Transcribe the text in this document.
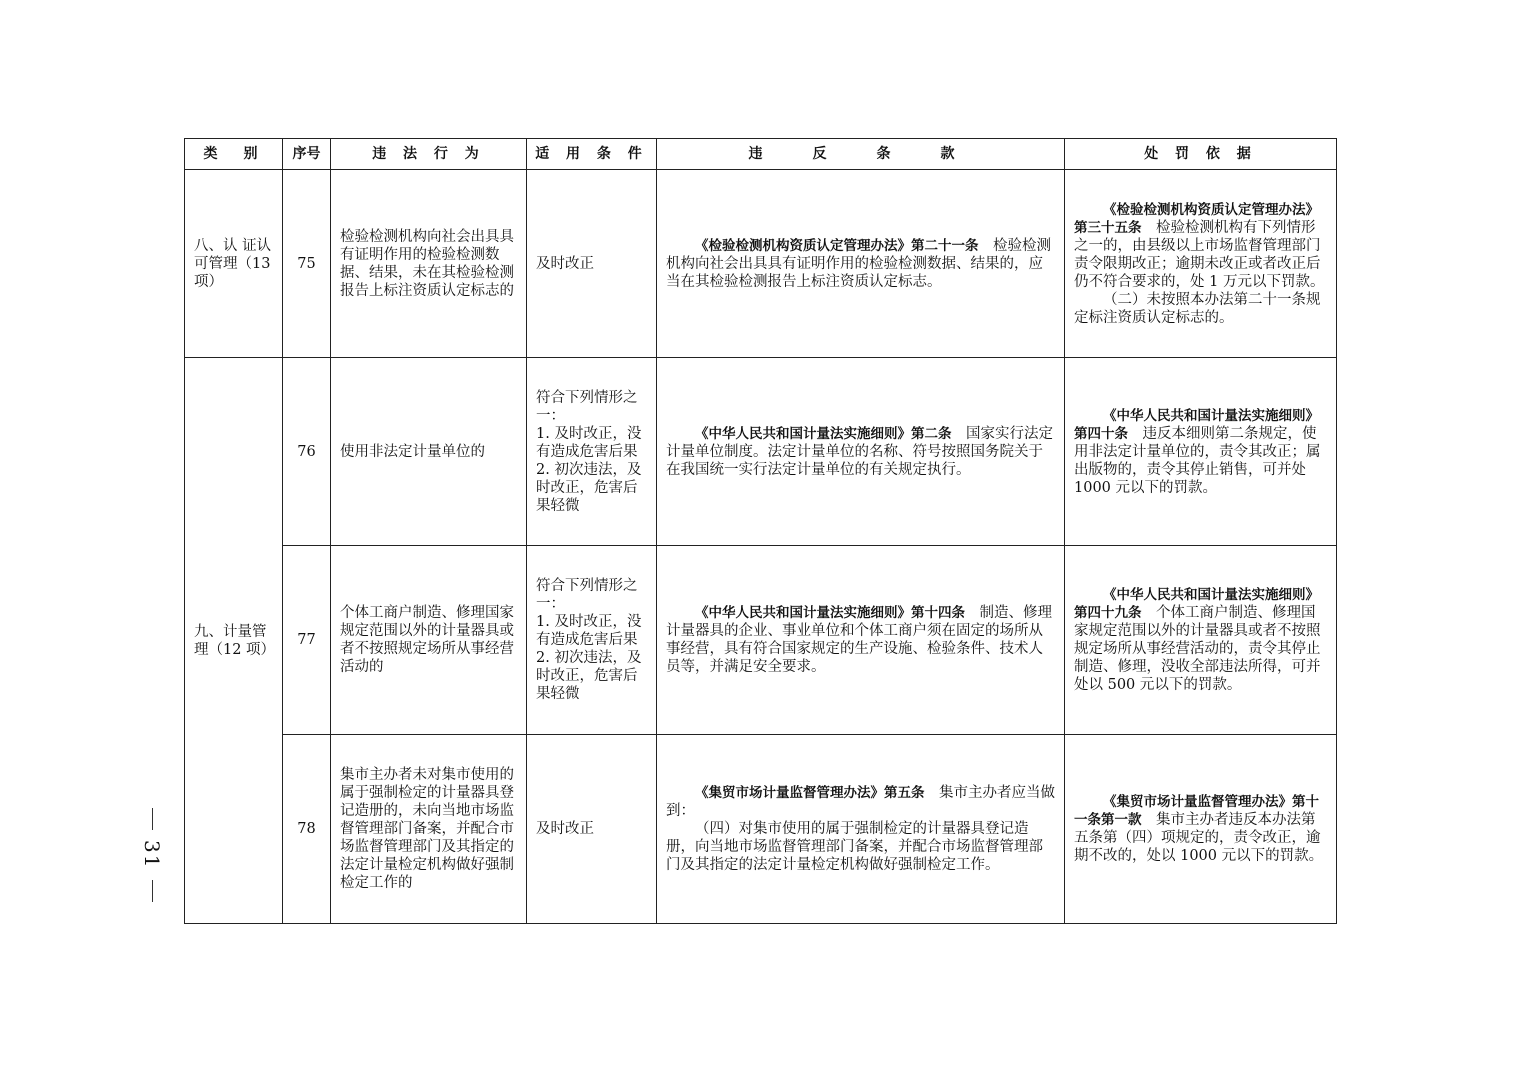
类　别	序号	违 法 行 为	适 用 条 件	违　反　条　款	处 罚 依 据
八、认 证认可管理（13 项）	75	检验检测机构向社会出具具有证明作用的检验检测数据、结果，未在其检验检测报告上标注资质认定标志的	及时改正	《检验检测机构资质认定管理办法》第二十一条　检验检测机构向社会出具具有证明作用的检验检测数据、结果的，应当在其检验检测报告上标注资质认定标志。	《检验检测机构资质认定管理办法》第三十五条　检验检测机构有下列情形之一的，由县级以上市场监督管理部门责令限期改正；逾期未改正或者改正后仍不符合要求的，处 1 万元以下罚款。
（二）未按照本办法第二十一条规定标注资质认定标志的。

九、计量管理（12 项）	76	使用非法定计量单位的	符合下列情形之一：
1. 及时改正，没有造成危害后果
2. 初次违法，及时改正，危害后果轻微	《中华人民共和国计量法实施细则》第二条　国家实行法定计量单位制度。法定计量单位的名称、符号按照国务院关于在我国统一实行法定计量单位的有关规定执行。	《中华人民共和国计量法实施细则》第四十条　违反本细则第二条规定，使用非法定计量单位的，责令其改正；属出版物的，责令其停止销售，可并处 1000 元以下的罚款。

	77	个体工商户制造、修理国家规定范围以外的计量器具或者不按照规定场所从事经营活动的	符合下列情形之一：
1. 及时改正，没有造成危害后果
2. 初次违法，及时改正，危害后果轻微	《中华人民共和国计量法实施细则》第十四条　制造、修理计量器具的企业、事业单位和个体工商户须在固定的场所从事经营，具有符合国家规定的生产设施、检验条件、技术人员等，并满足安全要求。	《中华人民共和国计量法实施细则》第四十九条　个体工商户制造、修理国家规定范围以外的计量器具或者不按照规定场所从事经营活动的，责令其停止制造、修理，没收全部违法所得，可并处以 500 元以下的罚款。

	78	集市主办者未对集市使用的属于强制检定的计量器具登记造册的，未向当地市场监督管理部门备案，并配合市场监督管理部门及其指定的法定计量检定机构做好强制检定工作的	及时改正	《集贸市场计量监督管理办法》第五条　集市主办者应当做到：
（四）对集市使用的属于强制检定的计量器具登记造册，向当地市场监督管理部门备案，并配合市场监督管理部门及其指定的法定计量检定机构做好强制检定工作。	《集贸市场计量监督管理办法》第十一条第一款　集市主办者违反本办法第五条第（四）项规定的，责令改正，逾期不改的，处以 1000 元以下的罚款。
31
